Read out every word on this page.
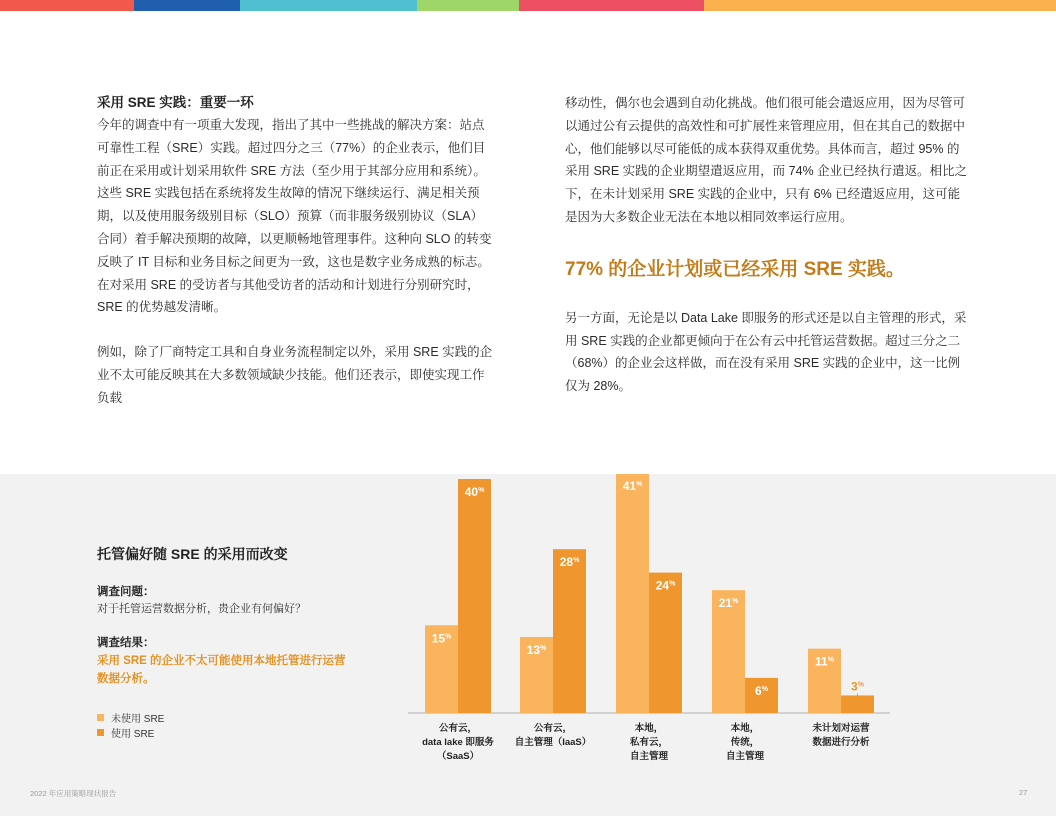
采用 SRE 实践：重要一环

今年的调查中有一项重大发现，指出了其中一些挑战的解决方案：站点可靠性工程（SRE）实践。超过四分之三（77%）的企业表示，他们目前正在采用或计划采用软件 SRE 方法（至少用于其部分应用和系统）。这些 SRE 实践包括在系统将发生故障的情况下继续运行、满足相关预期，以及使用服务级别目标（SLO）预算（而非服务级别协议（SLA）合同）着手解决预期的故障，以更顺畅地管理事件。这种向 SLO 的转变反映了 IT 目标和业务目标之间更为一致，这也是数字业务成熟的标志。在对采用 SRE 的受访者与其他受访者的活动和计划进行分别研究时，SRE 的优势越发清晰。

例如，除了厂商特定工具和自身业务流程制定以外，采用 SRE 实践的企业不太可能反映其在大多数领域缺少技能。他们还表示，即使实现工作负载

移动性，偶尔也会遇到自动化挑战。他们很可能会遣返应用，因为尽管可以通过公有云提供的高效性和可扩展性来管理应用，但在其自己的数据中心，他们能够以尽可能低的成本获得双重优势。具体而言，超过 95% 的采用 SRE 实践的企业期望遣返应用，而 74% 企业已经执行遣返。相比之下，在未计划采用 SRE 实践的企业中，只有 6% 已经遣返应用，这可能是因为大多数企业无法在本地以相同效率运行应用。

77% 的企业计划或已经采用 SRE 实践。

另一方面，无论是以 Data Lake 即服务的形式还是以自主管理的形式，采用 SRE 实践的企业都更倾向于在公有云中托管运营数据。超过三分之二（68%）的企业会这样做，而在没有采用 SRE 实践的企业中，这一比例仅为 28%。

托管偏好随 SRE 的采用而改变
调查问题：
对于托管运营数据分析，贵企业有何偏好？
调查结果：
采用 SRE 的企业不太可能使用本地托管进行运营数据分析。
未使用 SRE
使用 SRE
15%
40%
公有云，
data lake 即服务
（SaaS）
13%
28%
公有云，
自主管理（IaaS）
41%
24%
本地，
私有云，
自主管理
21%
6%
本地，
传统，
自主管理
11%
3%
未计划对运营
数据进行分析
2022 年应用策略现状报告	27
